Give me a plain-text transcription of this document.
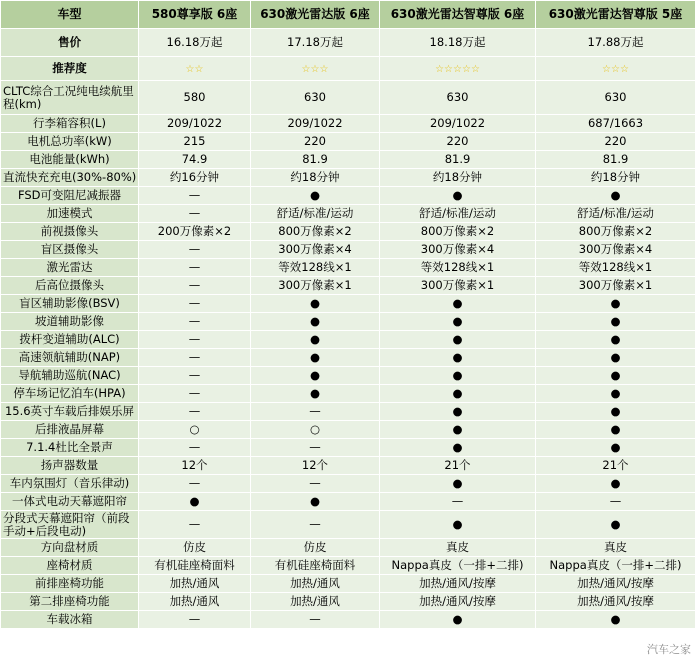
车型	580尊享版 6座	630激光雷达版 6座	630激光雷达智尊版 6座	630激光雷达智尊版 5座
售价	16.18万起	17.18万起	18.18万起	17.88万起
推荐度	☆☆	☆☆☆	☆☆☆☆☆	☆☆☆
CLTC综合工况纯电续航里程(km)	580	630	630	630
行李箱容积(L)	209/1022	209/1022	209/1022	687/1663
电机总功率(kW)	215	220	220	220
电池能量(kWh)	74.9	81.9	81.9	81.9
直流快充充电(30%-80%)	约16分钟	约18分钟	约18分钟	约18分钟
FSD可变阻尼减振器	—	●	●	●
加速模式	—	舒适/标准/运动	舒适/标准/运动	舒适/标准/运动
前视摄像头	200万像素×2	800万像素×2	800万像素×2	800万像素×2
盲区摄像头	—	300万像素×4	300万像素×4	300万像素×4
激光雷达	—	等效128线×1	等效128线×1	等效128线×1
后高位摄像头	—	300万像素×1	300万像素×1	300万像素×1
盲区辅助影像(BSV)	—	●	●	●
坡道辅助影像	—	●	●	●
拨杆变道辅助(ALC)	—	●	●	●
高速领航辅助(NAP)	—	●	●	●
导航辅助巡航(NAC)	—	●	●	●
停车场记忆泊车(HPA)	—	●	●	●
15.6英寸车载后排娱乐屏	—	—	●	●
后排液晶屏幕	○	○	●	●
7.1.4杜比全景声	—	—	●	●
扬声器数量	12个	12个	21个	21个
车内氛围灯（音乐律动)	—	—	●	●
一体式电动天幕遮阳帘	●	●	—	—
分段式天幕遮阳帘（前段手动+后段电动)	—	—	●	●
方向盘材质	仿皮	仿皮	真皮	真皮
座椅材质	有机硅座椅面料	有机硅座椅面料	Nappa真皮（一排+二排)	Nappa真皮（一排+二排)
前排座椅功能	加热/通风	加热/通风	加热/通风/按摩	加热/通风/按摩
第二排座椅功能	加热/通风	加热/通风	加热/通风/按摩	加热/通风/按摩
车载冰箱	—	—	●	●
汽车之家
